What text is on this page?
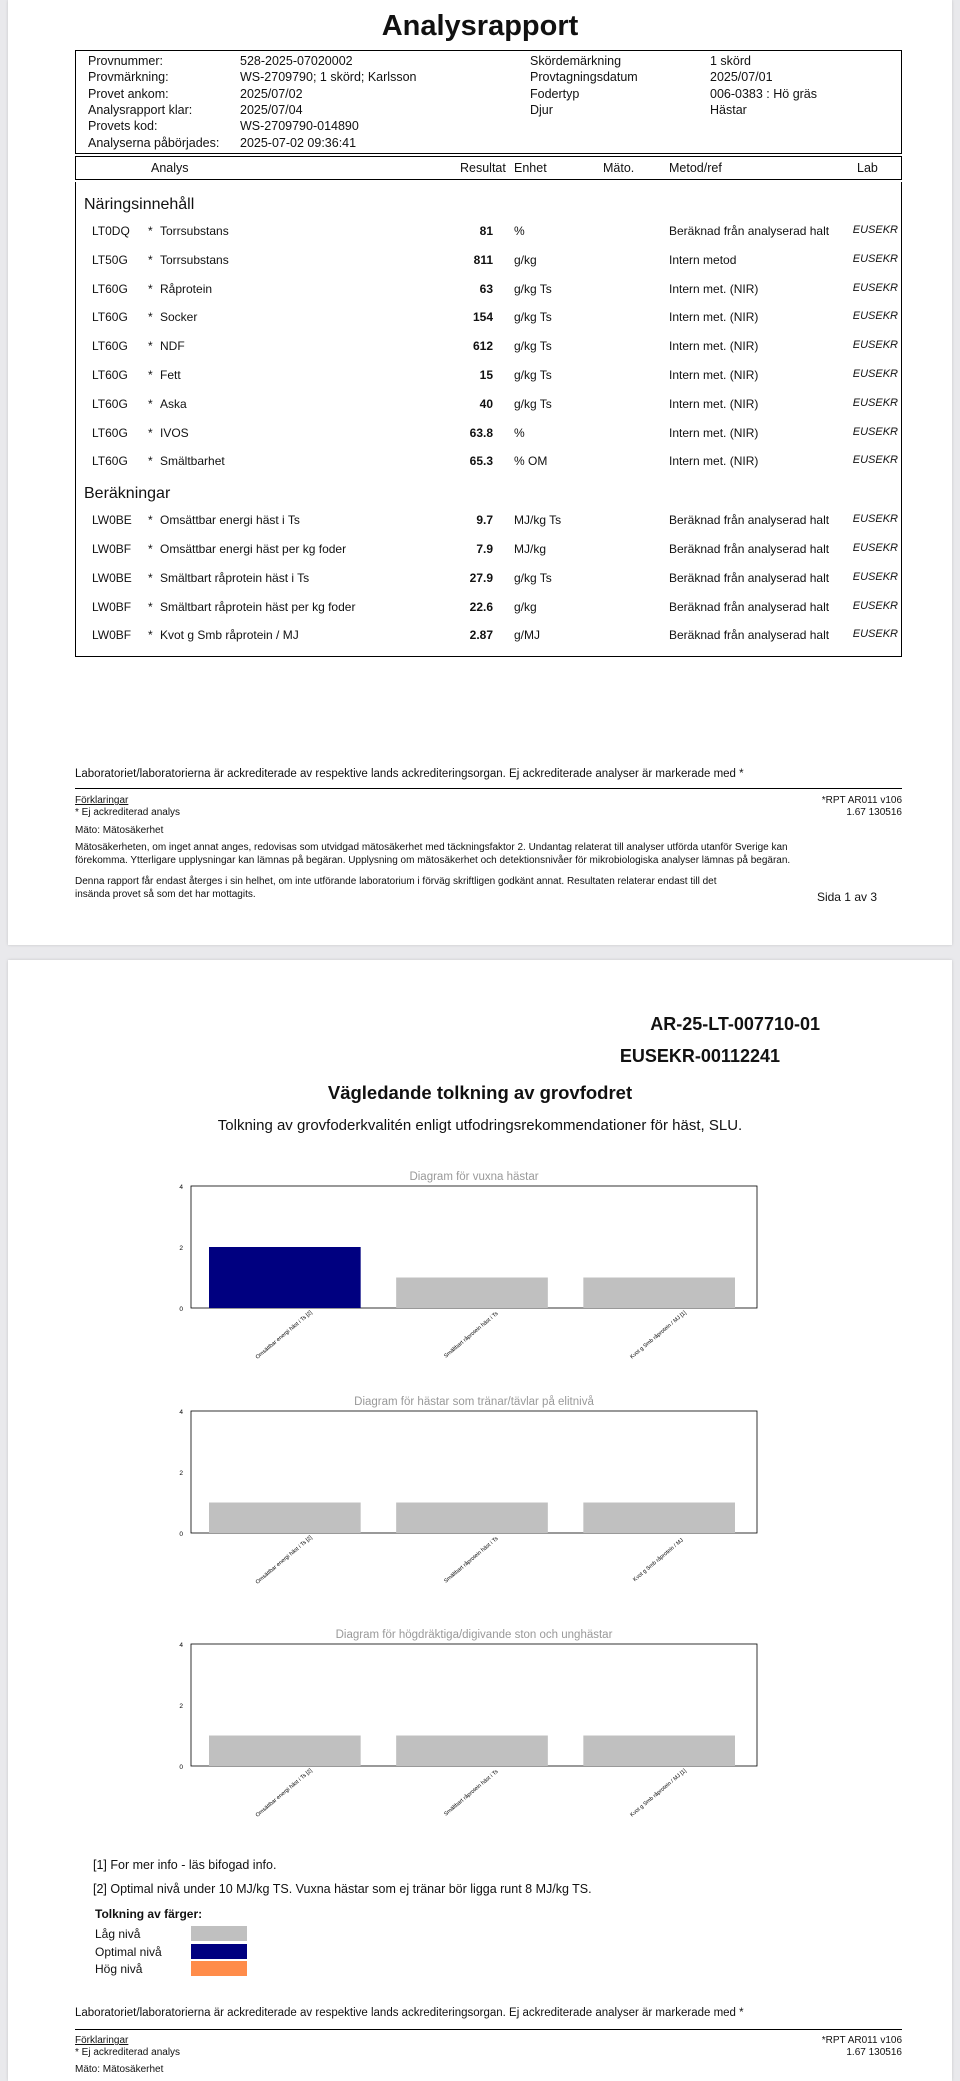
Analysrapport
Provnummer:	528-2025-07020002
Provmärkning:	WS-2709790; 1 skörd; Karlsson
Provet ankom:	2025/07/02
Analysrapport klar:	2025/07/04
Provets kod:	WS-2709790-014890
Analyserna påbörjades: 2025-07-02 09:36:41
Skördemärkning	1 skörd
Provtagningsdatum	2025/07/01
Fodertyp	006-0383 : Hö gräs
Djur	Hästar
Analys	Resultat Enhet	Mäto.	Metod/ref	Lab
Näringsinnehåll
LT0DQ * Torrsubstans	81 %	Beräknad från analyserad halt EUSEKR
LT50G * Torrsubstans	811 g/kg	Intern metod	EUSEKR
LT60G * Råprotein	63 g/kg Ts	Intern met. (NIR)	EUSEKR
LT60G * Socker	154 g/kg Ts	Intern met. (NIR)	EUSEKR
LT60G * NDF	612 g/kg Ts	Intern met. (NIR)	EUSEKR
LT60G * Fett	15 g/kg Ts	Intern met. (NIR)	EUSEKR
LT60G * Aska	40 g/kg Ts	Intern met. (NIR)	EUSEKR
LT60G * IVOS	63.8 %	Intern met. (NIR)	EUSEKR
LT60G * Smältbarhet	65.3 % OM	Intern met. (NIR)	EUSEKR
Beräkningar
LW0BE * Omsättbar energi häst i Ts	9.7 MJ/kg Ts	Beräknad från analyserad halt EUSEKR
LW0BF * Omsättbar energi häst per kg foder	7.9 MJ/kg	Beräknad från analyserad halt EUSEKR
LW0BE * Smältbart råprotein häst i Ts	27.9 g/kg Ts	Beräknad från analyserad halt EUSEKR
LW0BF * Smältbart råprotein häst per kg foder	22.6 g/kg	Beräknad från analyserad halt EUSEKR
LW0BF * Kvot g Smb råprotein / MJ	2.87 g/MJ	Beräknad från analyserad halt EUSEKR
Laboratoriet/laboratorierna är ackrediterade av respektive lands ackrediteringsorgan. Ej ackrediterade analyser är markerade med *
Förklaringar
* Ej ackrediterad analys
Mäto: Mätosäkerhet
*RPT AR011 v106
1.67 130516
Mätosäkerheten, om inget annat anges, redovisas som utvidgad mätosäkerhet med täckningsfaktor 2. Undantag relaterat till analyser utförda utanför Sverige kan
förekomma. Ytterligare upplysningar kan lämnas på begäran. Upplysning om mätosäkerhet och detektionsnivåer för mikrobiologiska analyser lämnas på begäran.
Denna rapport får endast återges i sin helhet, om inte utförande laboratorium i förväg skriftligen godkänt annat. Resultaten relaterar endast till det
insända provet så som det har mottagits.	Sida 1 av 3
AR-25-LT-007710-01
EUSEKR-00112241
Vägledande tolkning av grovfodret
Tolkning av grovfoderkvalitén enligt utfodringsrekommendationer för häst, SLU.
Diagram för vuxna hästar
0
2
4
Omsättbar energi häst i Ts [2]	Smältbart råprotein häst i Ts	Kvot g Smb råprotein / MJ [1]
Diagram för hästar som tränar/tävlar på elitnivå
0
2
4
Omsättbar energi häst i Ts [2]	Smältbart råprotein häst i Ts	Kvot g Smb råprotein / MJ
Diagram för högdräktiga/digivande ston och unghästar
0
2
4
Omsättbar energi häst i Ts [2]	Smältbart råprotein häst i Ts	Kvot g Smb råprotein / MJ [1]
[1] For mer info - läs bifogad info.
[2] Optimal nivå under 10 MJ/kg TS. Vuxna hästar som ej tränar bör ligga runt 8 MJ/kg TS.
Tolkning av färger:
Låg nivå
Optimal nivå
Hög nivå
Laboratoriet/laboratorierna är ackrediterade av respektive lands ackrediteringsorgan. Ej ackrediterade analyser är markerade med *
Förklaringar
* Ej ackrediterad analys
Mäto: Mätosäkerhet
*RPT AR011 v106
1.67 130516
